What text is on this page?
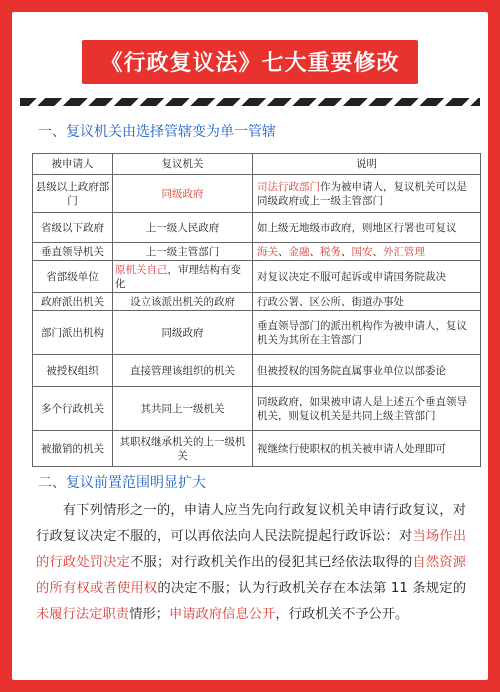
《行政复议法》七大重要修改
一、复议机关由选择管辖变为单一管辖
被申请人	复议机关	说明
县级以上政府部门	同级政府	司法行政部门作为被申请人，复议机关可以是同级政府或上一级主管部门
省级以下政府	上一级人民政府	如上级无地级市政府，则地区行署也可复议
垂直领导机关	上一级主管部门	海关、金融、税务、国安、外汇管理
省部级单位	原机关自己，审理结构有变化	对复议决定不服可起诉或申请国务院裁决
政府派出机关	设立该派出机关的政府	行政公署、区公所、街道办事处
部门派出机构	同级政府	垂直领导部门的派出机构作为被申请人，复议机关为其所在主管部门
被授权组织	直接管理该组织的机关	但被授权的国务院直属事业单位以部委论
多个行政机关	其共同上一级机关	同级政府，如果被申请人是上述五个垂直领导机关，则复议机关是共同上级主管部门
被撤销的机关	其职权继承机关的上一级机关	视继续行使职权的机关被申请人处理即可
二、复议前置范围明显扩大
有下列情形之一的，申请人应当先向行政复议机关申请行政复议，对行政复议决定不服的，可以再依法向人民法院提起行政诉讼：对当场作出的行政处罚决定不服；对行政机关作出的侵犯其已经依法取得的自然资源的所有权或者使用权的决定不服；认为行政机关存在本法第 11 条规定的未履行法定职责情形；申请政府信息公开，行政机关不予公开。
